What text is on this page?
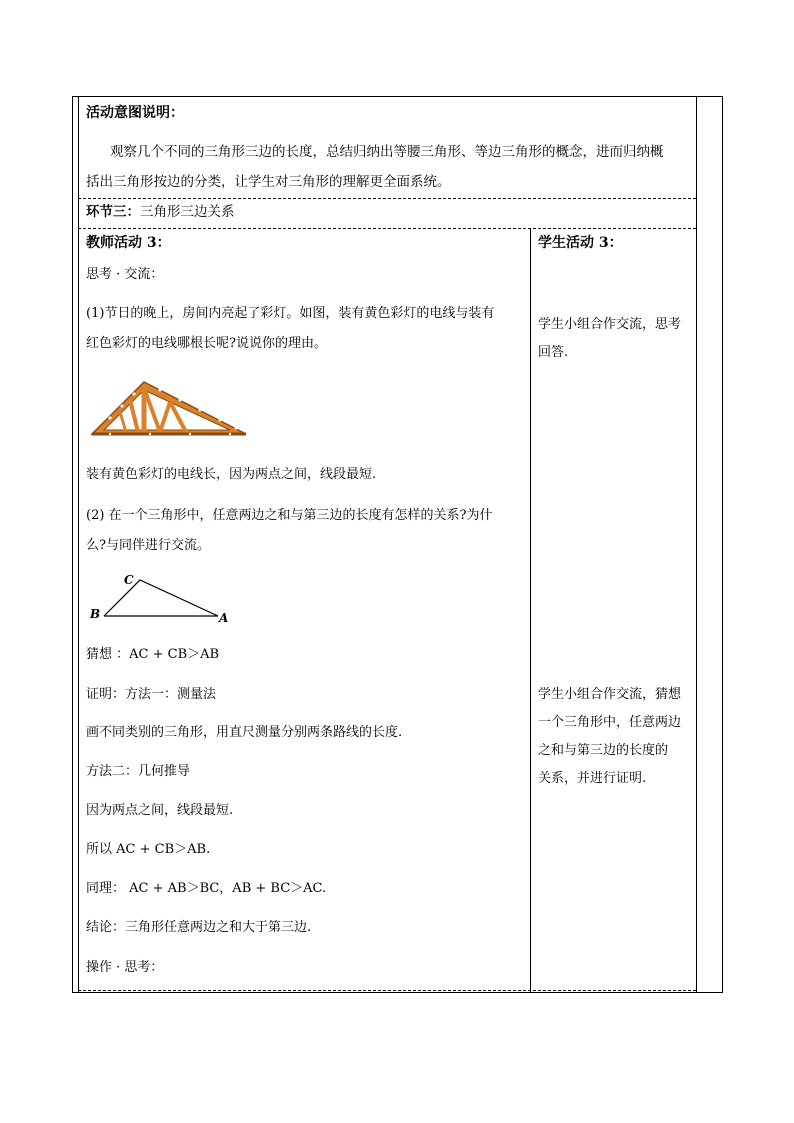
活动意图说明：
观察几个不同的三角形三边的长度，总结归纳出等腰三角形、等边三角形的概念，进而归纳概
括出三角形按边的分类，让学生对三角形的理解更全面系统。
环节三：三角形三边关系
教师活动 3：
思考 · 交流：
(1)节日的晚上，房间内亮起了彩灯。如图，装有黄色彩灯的电线与装有
红色彩灯的电线哪根长呢?说说你的理由。
装有黄色彩灯的电线长，因为两点之间，线段最短.
(2) 在一个三角形中，任意两边之和与第三边的长度有怎样的关系?为什
么?与同伴进行交流。
C
B	A
猜想 ：AC + CB＞AB
证明：方法一：测量法
画不同类别的三角形，用直尺测量分别两条路线的长度.
方法二：几何推导
因为两点之间，线段最短.
所以 AC + CB＞AB.
同理： AC + AB＞BC，AB + BC＞AC.
结论：三角形任意两边之和大于第三边.
操作 · 思考：
学生活动 3：
学生小组合作交流，思考
回答.
学生小组合作交流，猜想
一个三角形中，任意两边
之和与第三边的长度的
关系，并进行证明.
